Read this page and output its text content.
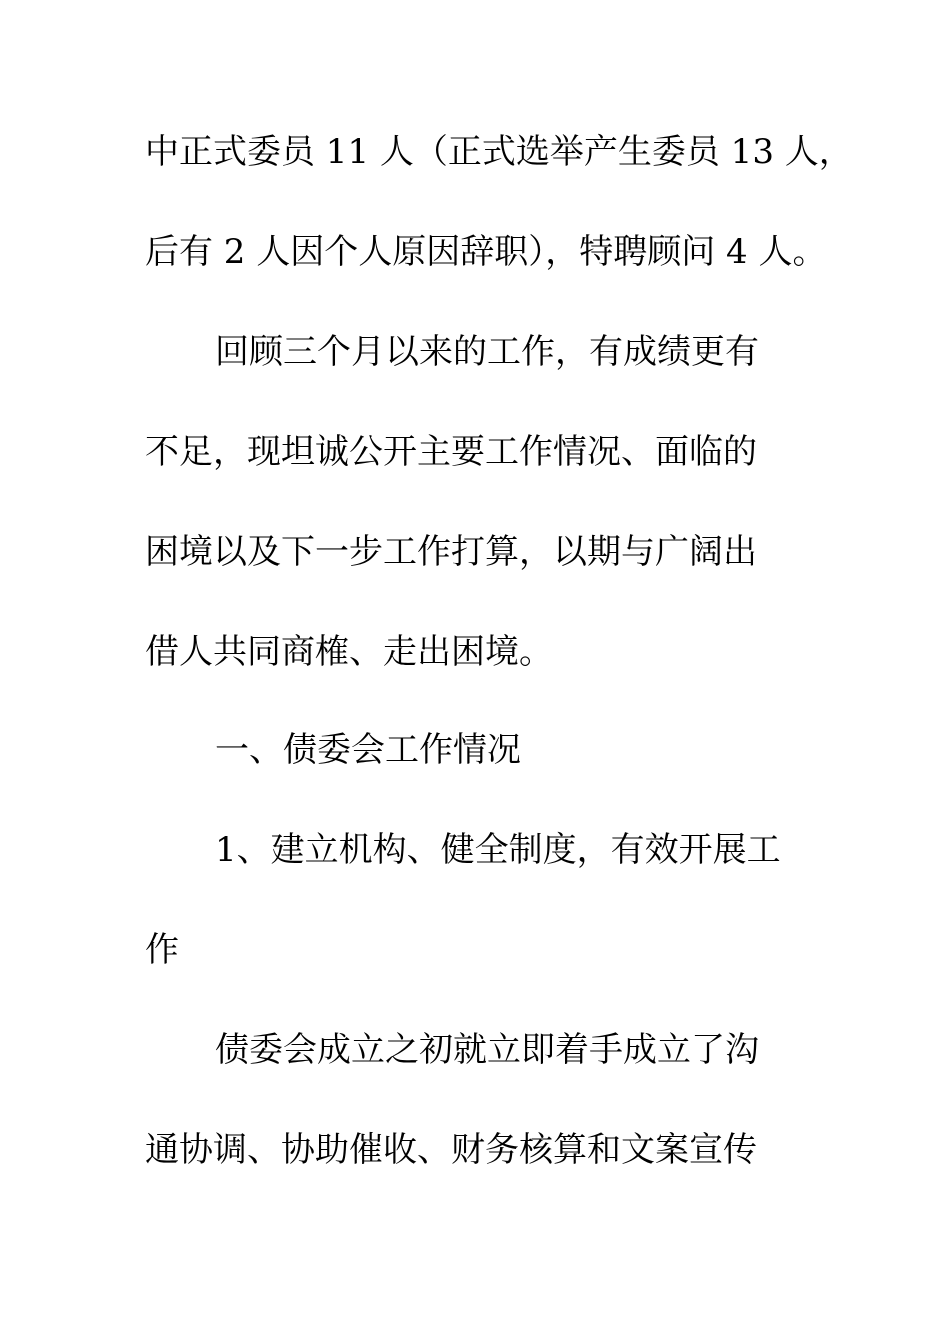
中正式委员 11 人（正式选举产生委员 13 人，
后有 2 人因个人原因辞职），特聘顾问 4 人。
回顾三个月以来的工作，有成绩更有
不足，现坦诚公开主要工作情况、面临的
困境以及下一步工作打算，以期与广阔出
借人共同商榷、走出困境。
一、债委会工作情况
1、建立机构、健全制度，有效开展工
作
债委会成立之初就立即着手成立了沟
通协调、协助催收、财务核算和文案宣传
